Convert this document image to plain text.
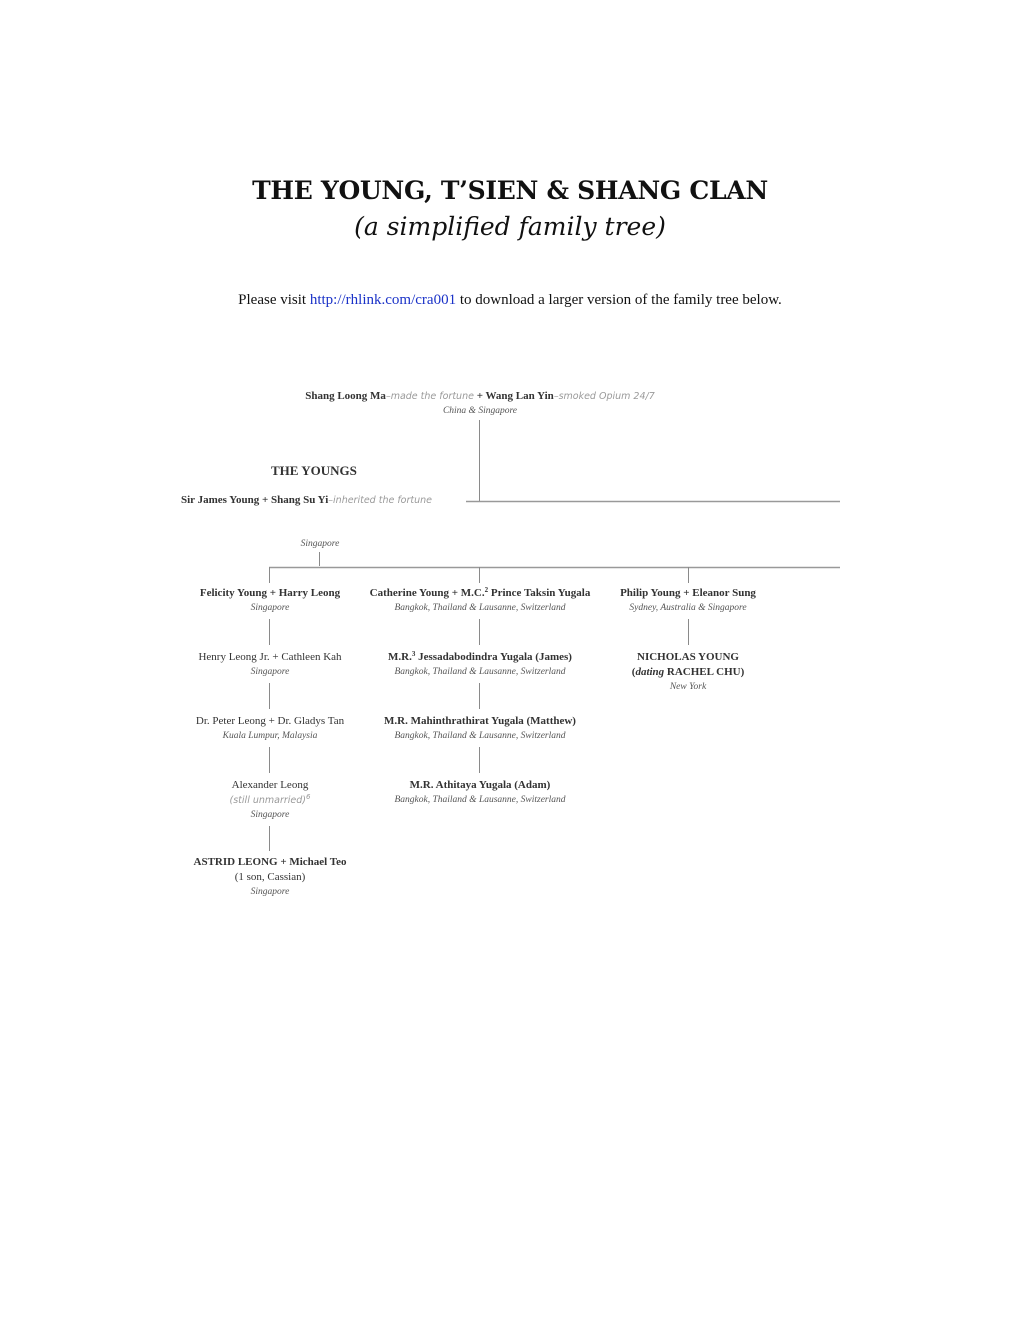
THE YOUNG, T’SIEN & SHANG CLAN
(a simplified family tree)
Please visit http://rhlink.com/cra001 to download a larger version of the family tree below.
Shang Loong Ma–made the fortune + Wang Lan Yin–smoked Opium 24/7
China & Singapore
THE YOUNGS
Sir James Young + Shang Su Yi–inherited the fortune
Singapore
Felicity Young + Harry Leong
Singapore
Henry Leong Jr. + Cathleen Kah
Singapore
Dr. Peter Leong + Dr. Gladys Tan
Kuala Lumpur, Malaysia
Alexander Leong
(still unmarried)$^6$
Singapore
ASTRID LEONG + Michael Teo
(1 son, Cassian)
Singapore
Catherine Young + M.C.$^2$ Prince Taksin Yugala
Bangkok, Thailand & Lausanne, Switzerland
M.R.$^3$ Jessadabodindra Yugala (James)
Bangkok, Thailand & Lausanne, Switzerland
M.R. Mahinthrathirat Yugala (Matthew)
Bangkok, Thailand & Lausanne, Switzerland
M.R. Athitaya Yugala (Adam)
Bangkok, Thailand & Lausanne, Switzerland
Philip Young + Eleanor Sung
Sydney, Australia & Singapore
NICHOLAS YOUNG
(dating RACHEL CHU)
New York
